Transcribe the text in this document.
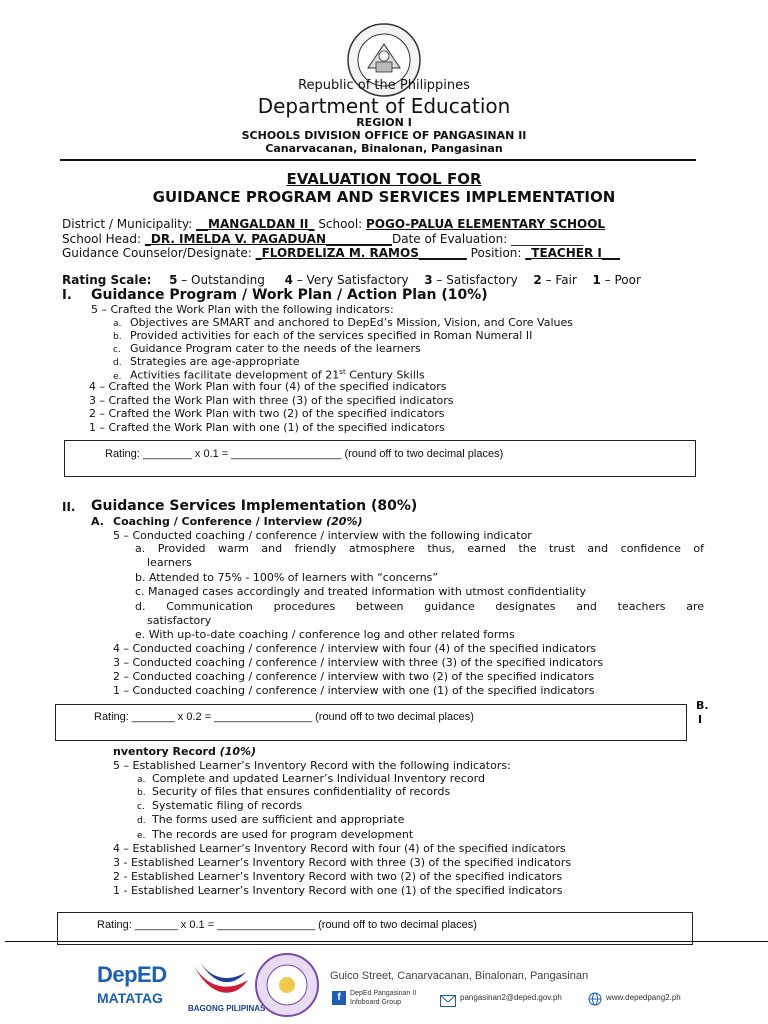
Republic of the Philippines
Department of Education
REGION I
SCHOOLS DIVISION OFFICE OF PANGASINAN II
Canarvacanan, Binalonan, Pangasinan
EVALUATION TOOL FOR
GUIDANCE PROGRAM AND SERVICES IMPLEMENTATION
District / Municipality: __MANGALDAN II_ School: POGO-PALUA ELEMENTARY SCHOOL
School Head: _DR. IMELDA V. PAGADUAN___________Date of Evaluation: ____________
Guidance Counselor/Designate: _FLORDELIZA M. RAMOS________ Position: _TEACHER I___
Rating Scale: 5 – Outstanding 4 – Very Satisfactory 3 – Satisfactory 2 – Fair 1 – Poor
I. Guidance Program / Work Plan / Action Plan (10%)
5 – Crafted the Work Plan with the following indicators:
a. Objectives are SMART and anchored to DepEd’s Mission, Vision, and Core Values
b. Provided activities for each of the services specified in Roman Numeral II
c. Guidance Program cater to the needs of the learners
d. Strategies are age-appropriate
e. Activities facilitate development of 21st Century Skills
4 – Crafted the Work Plan with four (4) of the specified indicators
3 – Crafted the Work Plan with three (3) of the specified indicators
2 – Crafted the Work Plan with two (2) of the specified indicators
1 – Crafted the Work Plan with one (1) of the specified indicators
Rating: ________ x 0.1 = __________________ (round off to two decimal places)
II. Guidance Services Implementation (80%)
A. Coaching / Conference / Interview (20%)
5 – Conducted coaching / conference / interview with the following indicator
a. Provided warm and friendly atmosphere thus, earned the trust and confidence of
learners
b. Attended to 75% - 100% of learners with “concerns”
c. Managed cases accordingly and treated information with utmost confidentiality
d. Communication procedures between guidance designates and teachers are
satisfactory
e. With up-to-date coaching / conference log and other related forms
4 – Conducted coaching / conference / interview with four (4) of the specified indicators
3 – Conducted coaching / conference / interview with three (3) of the specified indicators
2 – Conducted coaching / conference / interview with two (2) of the specified indicators
1 – Conducted coaching / conference / interview with one (1) of the specified indicators
Rating: _______ x 0.2 = ________________ (round off to two decimal places)
B.
I
nventory Record (10%)
5 – Established Learner’s Inventory Record with the following indicators:
a. Complete and updated Learner’s Individual Inventory record
b. Security of files that ensures confidentiality of records
c. Systematic filing of records
d. The forms used are sufficient and appropriate
e. The records are used for program development
4 – Established Learner’s Inventory Record with four (4) of the specified indicators
3 - Established Learner’s Inventory Record with three (3) of the specified indicators
2 - Established Learner’s Inventory Record with two (2) of the specified indicators
1 - Established Learner’s Inventory Record with one (1) of the specified indicators
Rating: _______ x 0.1 = ________________ (round off to two decimal places)
DepED
MATATAG
BAGONG PILIPINAS
Guico Street, Canarvacanan, Binalonan, Pangasinan
f	DepEd Pangasinan II
Infoboard Group
pangasinan2@deped.gov.ph	www.depedpang2.ph
